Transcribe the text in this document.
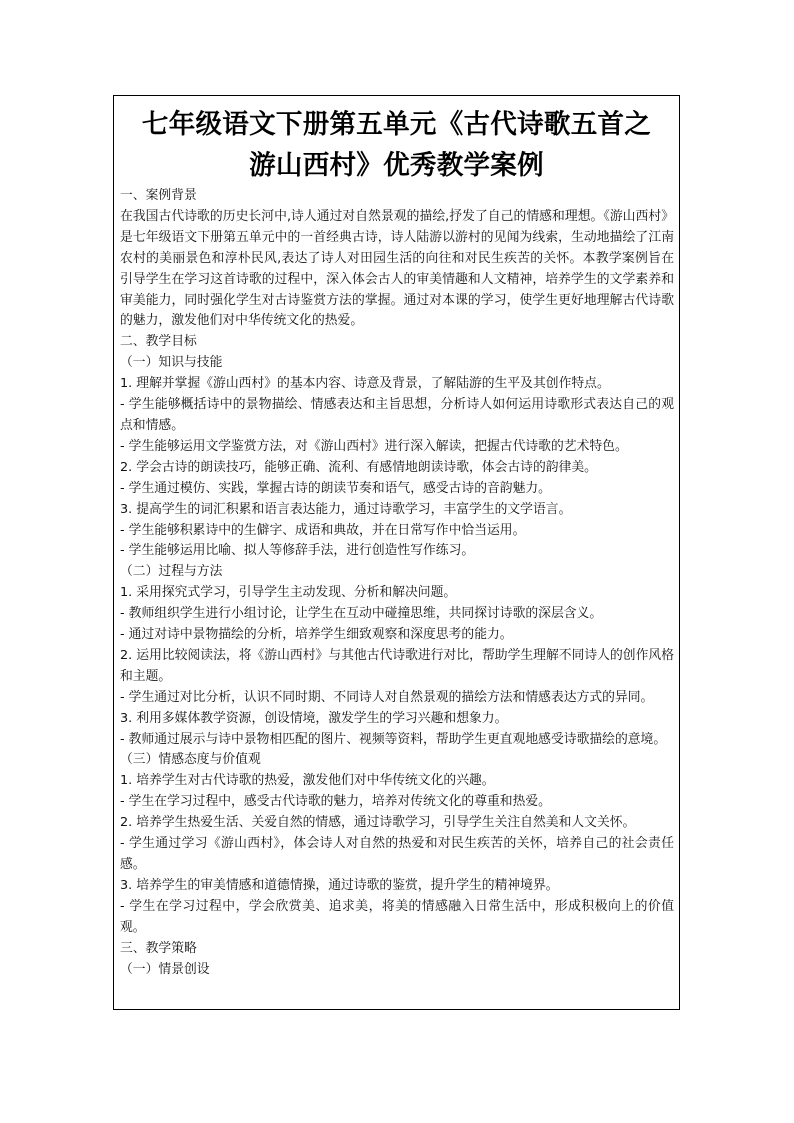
七年级语文下册第五单元《古代诗歌五首之
游山西村》优秀教学案例

一、案例背景

在我国古代诗歌的历史长河中,诗人通过对自然景观的描绘,抒发了自己的情感和理想。《游山西村》是七年级语文下册第五单元中的一首经典古诗，诗人陆游以游村的见闻为线索，生动地描绘了江南农村的美丽景色和淳朴民风,表达了诗人对田园生活的向往和对民生疾苦的关怀。本教学案例旨在引导学生在学习这首诗歌的过程中，深入体会古人的审美情趣和人文精神，培养学生的文学素养和审美能力，同时强化学生对古诗鉴赏方法的掌握。通过对本课的学习，使学生更好地理解古代诗歌的魅力，激发他们对中华传统文化的热爱。

二、教学目标

（一）知识与技能

1. 理解并掌握《游山西村》的基本内容、诗意及背景，了解陆游的生平及其创作特点。

- 学生能够概括诗中的景物描绘、情感表达和主旨思想，分析诗人如何运用诗歌形式表达自己的观点和情感。

- 学生能够运用文学鉴赏方法，对《游山西村》进行深入解读，把握古代诗歌的艺术特色。

2. 学会古诗的朗读技巧，能够正确、流利、有感情地朗读诗歌，体会古诗的韵律美。

- 学生通过模仿、实践，掌握古诗的朗读节奏和语气，感受古诗的音韵魅力。

3. 提高学生的词汇积累和语言表达能力，通过诗歌学习，丰富学生的文学语言。

- 学生能够积累诗中的生僻字、成语和典故，并在日常写作中恰当运用。

- 学生能够运用比喻、拟人等修辞手法，进行创造性写作练习。

（二）过程与方法

1. 采用探究式学习，引导学生主动发现、分析和解决问题。

- 教师组织学生进行小组讨论，让学生在互动中碰撞思维，共同探讨诗歌的深层含义。

- 通过对诗中景物描绘的分析，培养学生细致观察和深度思考的能力。

2. 运用比较阅读法，将《游山西村》与其他古代诗歌进行对比，帮助学生理解不同诗人的创作风格和主题。

- 学生通过对比分析，认识不同时期、不同诗人对自然景观的描绘方法和情感表达方式的异同。

3. 利用多媒体教学资源，创设情境，激发学生的学习兴趣和想象力。

- 教师通过展示与诗中景物相匹配的图片、视频等资料，帮助学生更直观地感受诗歌描绘的意境。

（三）情感态度与价值观

1. 培养学生对古代诗歌的热爱，激发他们对中华传统文化的兴趣。

- 学生在学习过程中，感受古代诗歌的魅力，培养对传统文化的尊重和热爱。

2. 培养学生热爱生活、关爱自然的情感，通过诗歌学习，引导学生关注自然美和人文关怀。

- 学生通过学习《游山西村》，体会诗人对自然的热爱和对民生疾苦的关怀，培养自己的社会责任感。

3. 培养学生的审美情感和道德情操，通过诗歌的鉴赏，提升学生的精神境界。

- 学生在学习过程中，学会欣赏美、追求美，将美的情感融入日常生活中，形成积极向上的价值观。

三、教学策略

（一）情景创设
